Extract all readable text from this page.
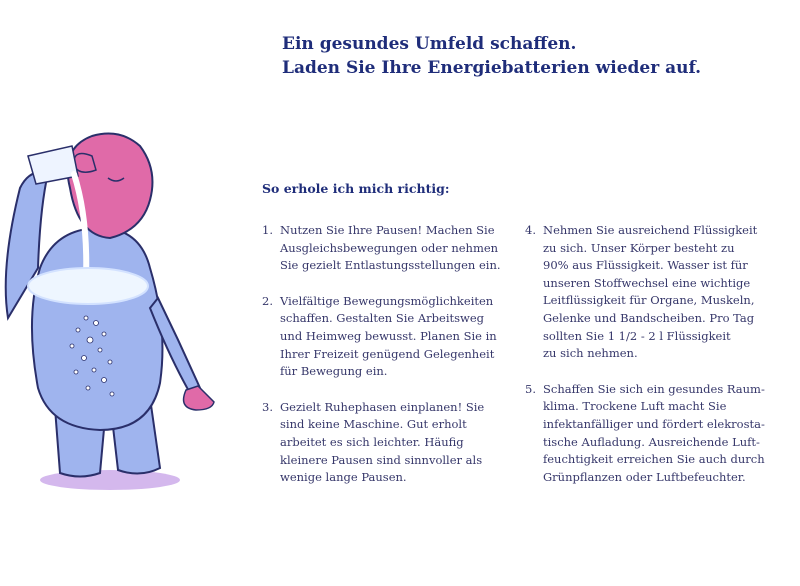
Ein gesundes Umfeld schaffen.
Laden Sie Ihre Energiebatterien wieder auf.
So erhole ich mich richtig:
1. Nutzen Sie Ihre Pausen! Machen Sie
Ausgleichsbewegungen oder nehmen
Sie gezielt Entlastungsstellungen ein.
2. Vielfältige Bewegungsmöglichkeiten
schaffen. Gestalten Sie Arbeitsweg
und Heimweg bewusst. Planen Sie in
Ihrer Freizeit genügend Gelegenheit
für Bewegung ein.
3. Gezielt Ruhephasen einplanen! Sie
sind keine Maschine. Gut erholt
arbeitet es sich leichter. Häufig
kleinere Pausen sind sinnvoller als
wenige lange Pausen.
4. Nehmen Sie ausreichend Flüssigkeit
zu sich. Unser Körper besteht zu
90% aus Flüssigkeit. Wasser ist für
unseren Stoffwechsel eine wichtige
Leitflüssigkeit für Organe, Muskeln,
Gelenke und Bandscheiben. Pro Tag
sollten Sie 1 1/2 - 2 l Flüssigkeit
zu sich nehmen.
5. Schaffen Sie sich ein gesundes Raum-
klima. Trockene Luft macht Sie
infektanfälliger und fördert elekrosta-
tische Aufladung. Ausreichende Luft-
feuchtigkeit erreichen Sie auch durch
Grünpflanzen oder Luftbefeuchter.
